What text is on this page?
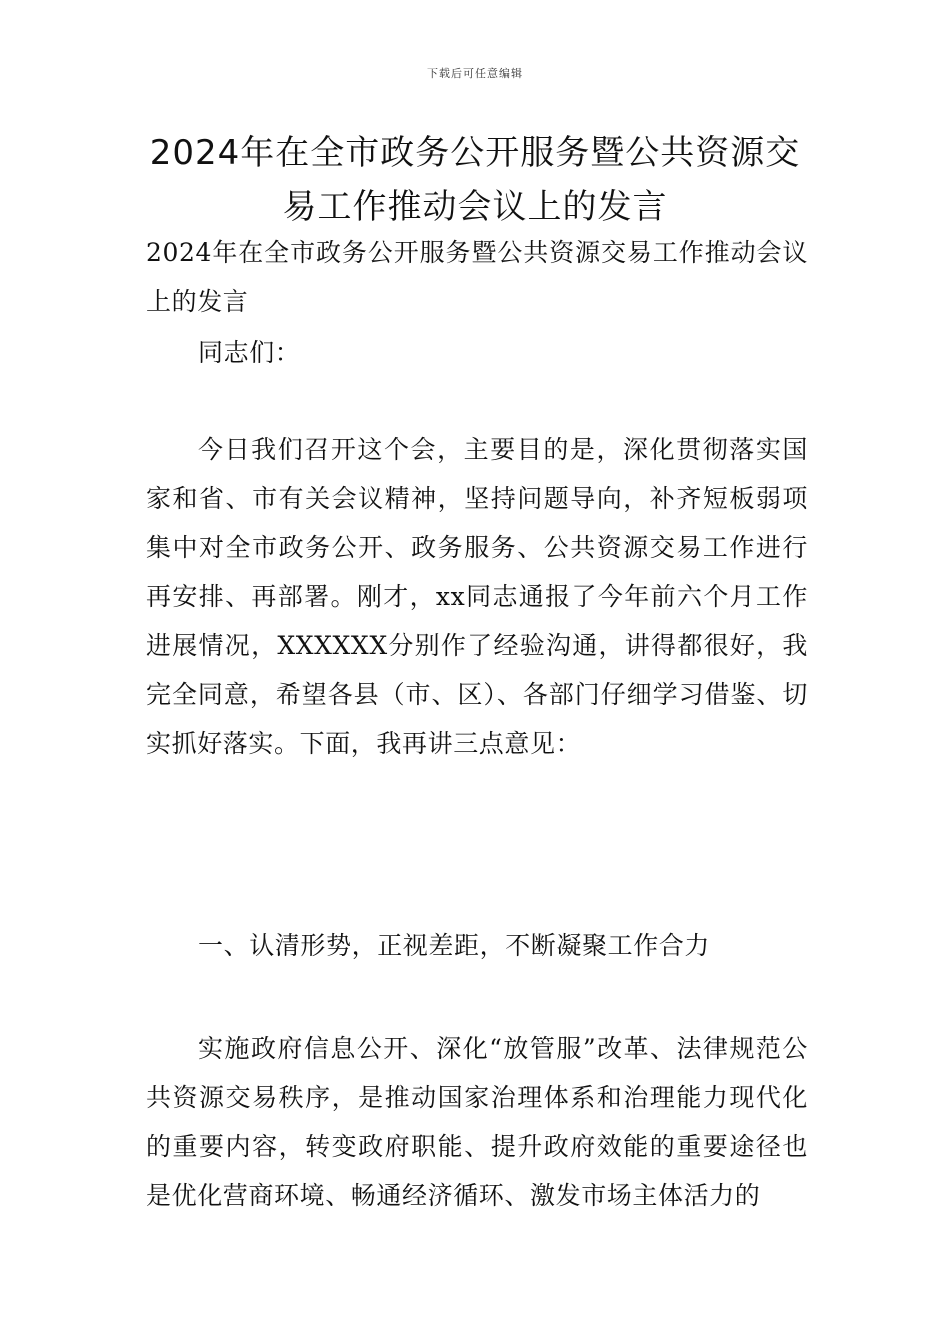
下载后可任意编辑
2024年在全市政务公开服务暨公共资源交易工作推动会议上的发言

2024年在全市政务公开服务暨公共资源交易工作推动会议上的发言

同志们：

今日我们召开这个会，主要目的是，深化贯彻落实国家和省、市有关会议精神，坚持问题导向，补齐短板弱项集中对全市政务公开、政务服务、公共资源交易工作进行再安排、再部署。刚才，xx同志通报了今年前六个月工作进展情况，XXXXXX分别作了经验沟通，讲得都很好，我完全同意，希望各县（市、区）、各部门仔细学习借鉴、切实抓好落实。下面，我再讲三点意见：

一、认清形势，正视差距，不断凝聚工作合力

实施政府信息公开、深化“放管服”改革、法律规范公共资源交易秩序，是推动国家治理体系和治理能力现代化的重要内容，转变政府职能、提升政府效能的重要途径也是优化营商环境、畅通经济循环、激发市场主体活力的
